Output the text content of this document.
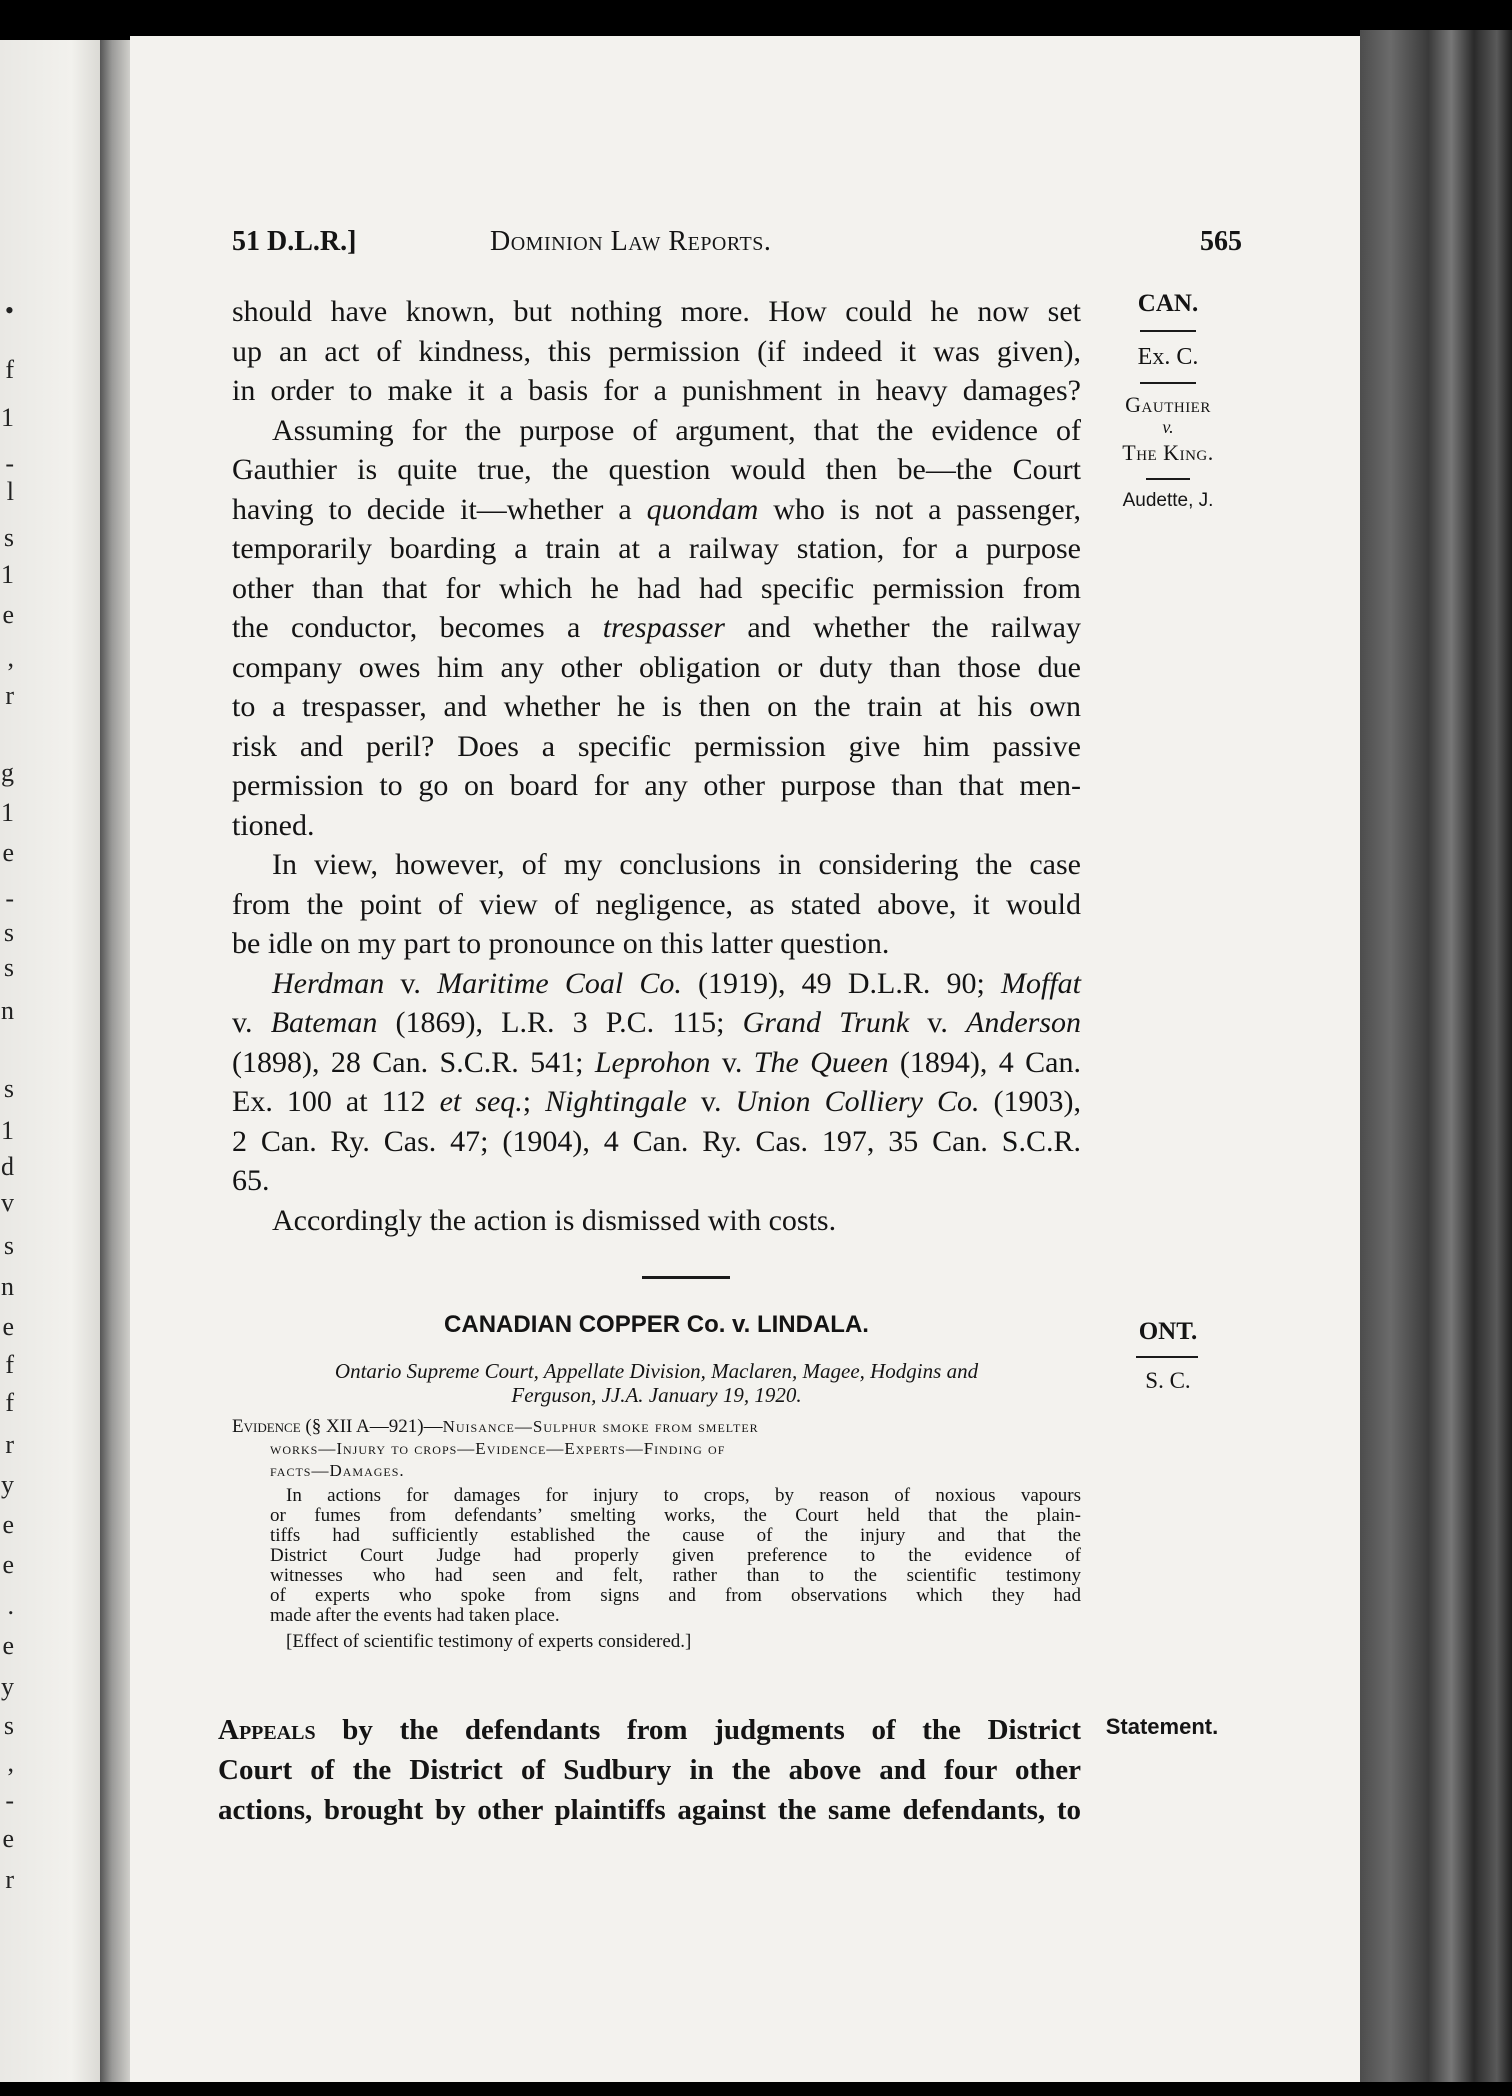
•
f
1
-
l
s
1
e
,
r
g
1
e
-
s
s
n
s
1
d
v
s
n
e
f
f
r
y
e
e
.
e
y
s
,
-
e
r
51 D.L.R.]	Dominion Law Reports.	565
CAN.
Ex. C.
Gauthier
v.
The King.
Audette, J.
should have known, but nothing more. How could he now set
up an act of kindness, this permission (if indeed it was given),
in order to make it a basis for a punishment in heavy damages?
Assuming for the purpose of argument, that the evidence of
Gauthier is quite true, the question would then be—the Court
having to decide it—whether a quondam who is not a passenger,
temporarily boarding a train at a railway station, for a purpose
other than that for which he had had specific permission from
the conductor, becomes a trespasser and whether the railway
company owes him any other obligation or duty than those due
to a trespasser, and whether he is then on the train at his own
risk and peril? Does a specific permission give him passive
permission to go on board for any other purpose than that men-
tioned.
In view, however, of my conclusions in considering the case
from the point of view of negligence, as stated above, it would
be idle on my part to pronounce on this latter question.
Herdman v. Maritime Coal Co. (1919), 49 D.L.R. 90; Moffat
v. Bateman (1869), L.R. 3 P.C. 115; Grand Trunk v. Anderson
(1898), 28 Can. S.C.R. 541; Leprohon v. The Queen (1894), 4 Can.
Ex. 100 at 112 et seq.; Nightingale v. Union Colliery Co. (1903),
2 Can. Ry. Cas. 47; (1904), 4 Can. Ry. Cas. 197, 35 Can. S.C.R.
65.
Accordingly the action is dismissed with costs.
CANADIAN COPPER Co. v. LINDALA.	ONT.
S. C.
Ontario Supreme Court, Appellate Division, Maclaren, Magee, Hodgins and
Ferguson, JJ.A. January 19, 1920.
Evidence (§ XII A—921)—Nuisance—Sulphur smoke from smelter
works—Injury to crops—Evidence—Experts—Finding of
facts—Damages.
In actions for damages for injury to crops, by reason of noxious vapours
or fumes from defendants’ smelting works, the Court held that the plain-
tiffs had sufficiently established the cause of the injury and that the
District Court Judge had properly given preference to the evidence of
witnesses who had seen and felt, rather than to the scientific testimony
of experts who spoke from signs and from observations which they had
made after the events had taken place.
[Effect of scientific testimony of experts considered.]
Statement.
Appeals by the defendants from judgments of the District
Court of the District of Sudbury in the above and four other
actions, brought by other plaintiffs against the same defendants, to
